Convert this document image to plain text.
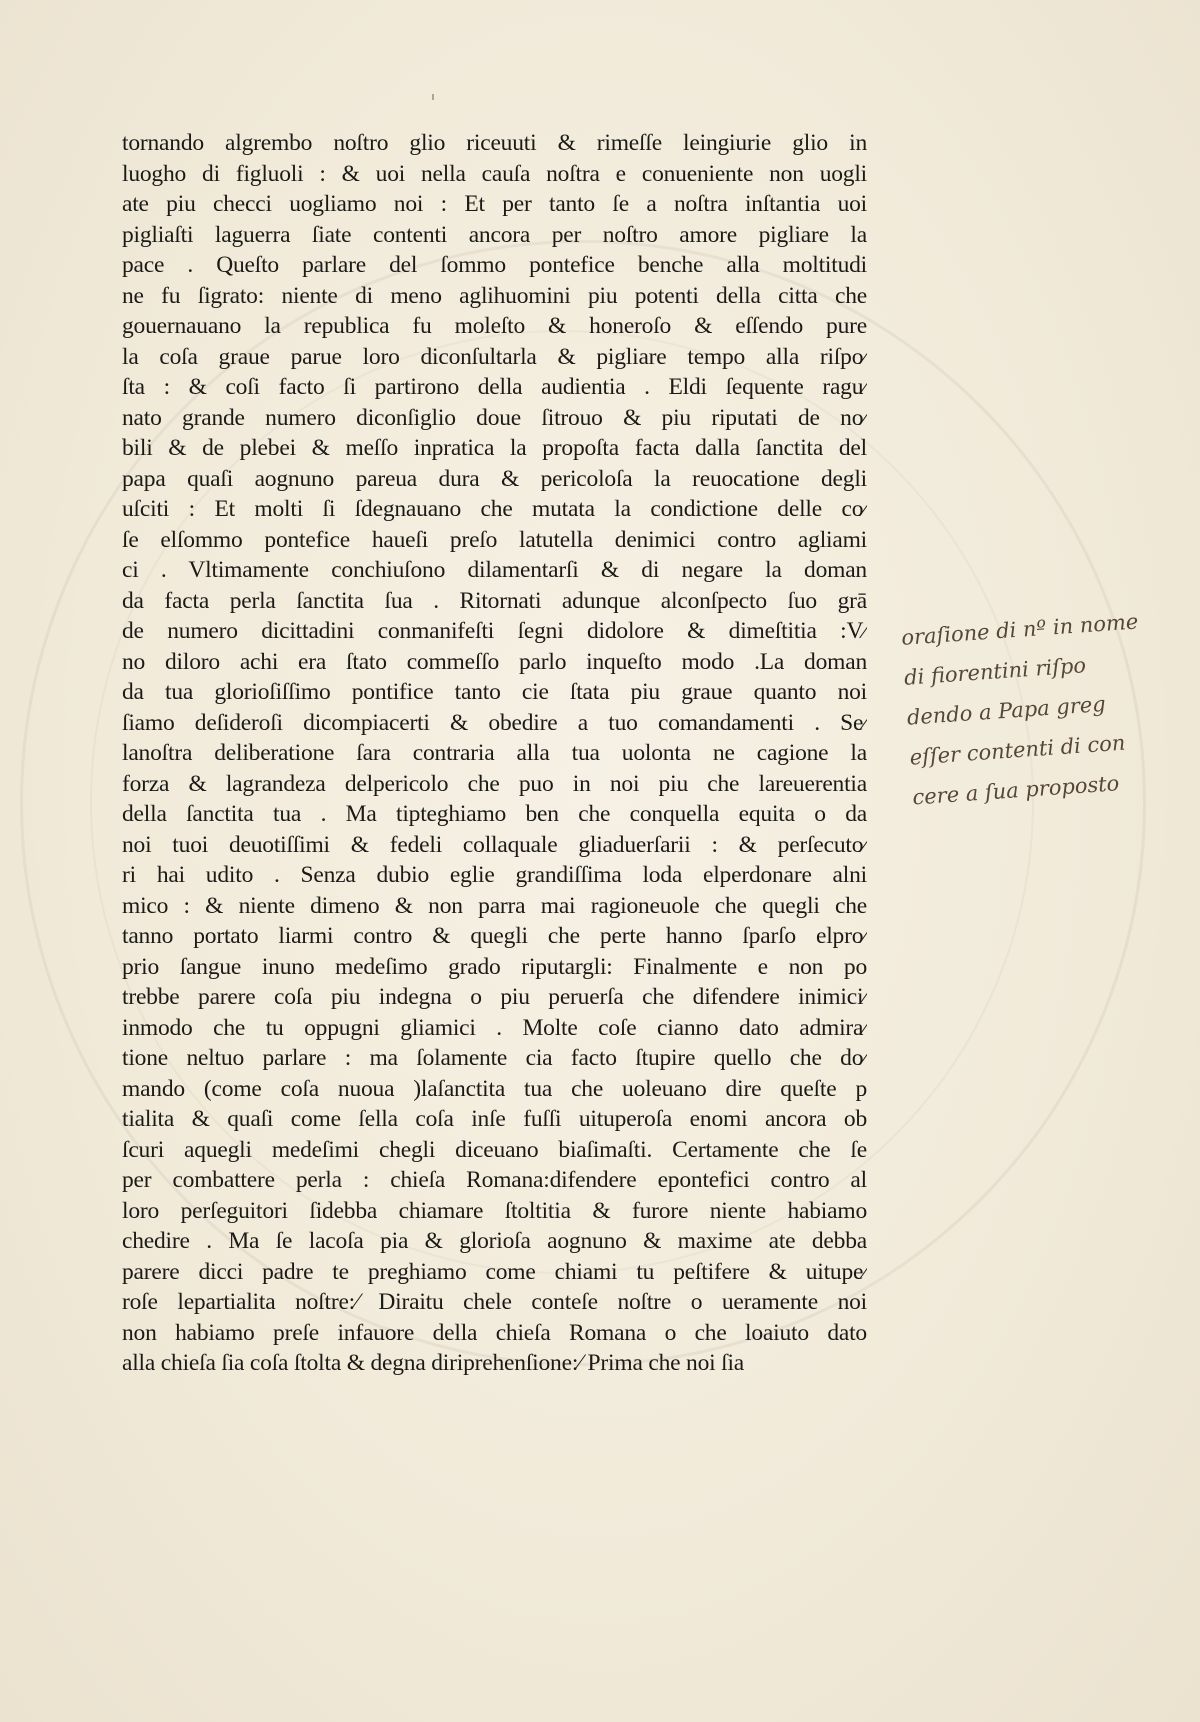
tornando algrembo noſtro glio riceuuti & rimeſſe leingiurie glio in
luogho di figluoli : & uoi nella cauſa noſtra e conueniente non uogli
ate piu checci uogliamo noi : Et per tanto ſe a noſtra inſtantia uoi
pigliaſti laguerra ſiate contenti ancora per noſtro amore pigliare la
pace . Queſto parlare del ſommo pontefice benche alla moltitudi
ne fu ſigrato: niente di meno aglihuomini piu potenti della citta che
gouernauano la republica fu moleſto & honeroſo & eſſendo pure
la coſa graue parue loro diconſultarla & pigliare tempo alla riſpo⁄
ſta : & coſi facto ſi partirono della audientia . Eldi ſequente ragu⁄
nato grande numero diconſiglio doue ſitrouo & piu riputati de no⁄
bili & de plebei & meſſo inpratica la propoſta facta dalla ſanctita del
papa quaſi aognuno pareua dura & pericoloſa la reuocatione degli
uſciti : Et molti ſi ſdegnauano che mutata la condictione delle co⁄
ſe elſommo pontefice haueſi preſo latutella denimici contro agliami
ci . Vltimamente conchiuſono dilamentarſi & di negare la doman
da facta perla ſanctita ſua . Ritornati adunque alconſpecto ſuo grā
de numero dicittadini conmanifeſti ſegni didolore & dimeſtitia :V⁄
no diloro achi era ſtato commeſſo parlo inqueſto modo .La doman
da tua glorioſiſſimo pontifice tanto cie ſtata piu graue quanto noi
ſiamo deſideroſi dicompiacerti & obedire a tuo comandamenti . Se⁄
lanoſtra deliberatione ſara contraria alla tua uolonta ne cagione la
forza & lagrandeza delpericolo che puo in noi piu che lareuerentia
della ſanctita tua . Ma tipteghiamo ben che conquella equita o da
noi tuoi deuotiſſimi & fedeli collaquale gliaduerſarii : & perſecuto⁄
ri hai udito . Senza dubio eglie grandiſſima loda elperdonare alni
mico : & niente dimeno & non parra mai ragioneuole che quegli che
tanno portato liarmi contro & quegli che perte hanno ſparſo elpro⁄
prio ſangue inuno medeſimo grado riputargli: Finalmente e non po
trebbe parere coſa piu indegna o piu peruerſa che difendere inimici⁄
inmodo che tu oppugni gliamici . Molte coſe cianno dato admira⁄
tione neltuo parlare : ma ſolamente cia facto ſtupire quello che do⁄
mando (come coſa nuoua )laſanctita tua che uoleuano dire queſte p
tialita & quaſi come ſella coſa inſe fuſſi uituperoſa enomi ancora ob
ſcuri aquegli medeſimi chegli diceuano biaſimaſti. Certamente che ſe
per combattere perla : chieſa Romana:difendere epontefici contro al
loro perſeguitori ſidebba chiamare ſtoltitia & furore niente habiamo
chedire . Ma ſe lacoſa pia & glorioſa aognuno & maxime ate debba
parere dicci padre te preghiamo come chiami tu peſtifere & uitupe⁄
roſe lepartialita noſtre:⁄ Diraitu chele conteſe noſtre o ueramente noi
non habiamo preſe infauore della chieſa Romana o che loaiuto dato
alla chieſa ſia coſa ſtolta & degna diriprehenſione:⁄ Prima che noi ſia
oraſione di nº in nome
di fiorentini riſpo
dendo a Papa greg
eſſer contenti di con
cere a ſua proposto
